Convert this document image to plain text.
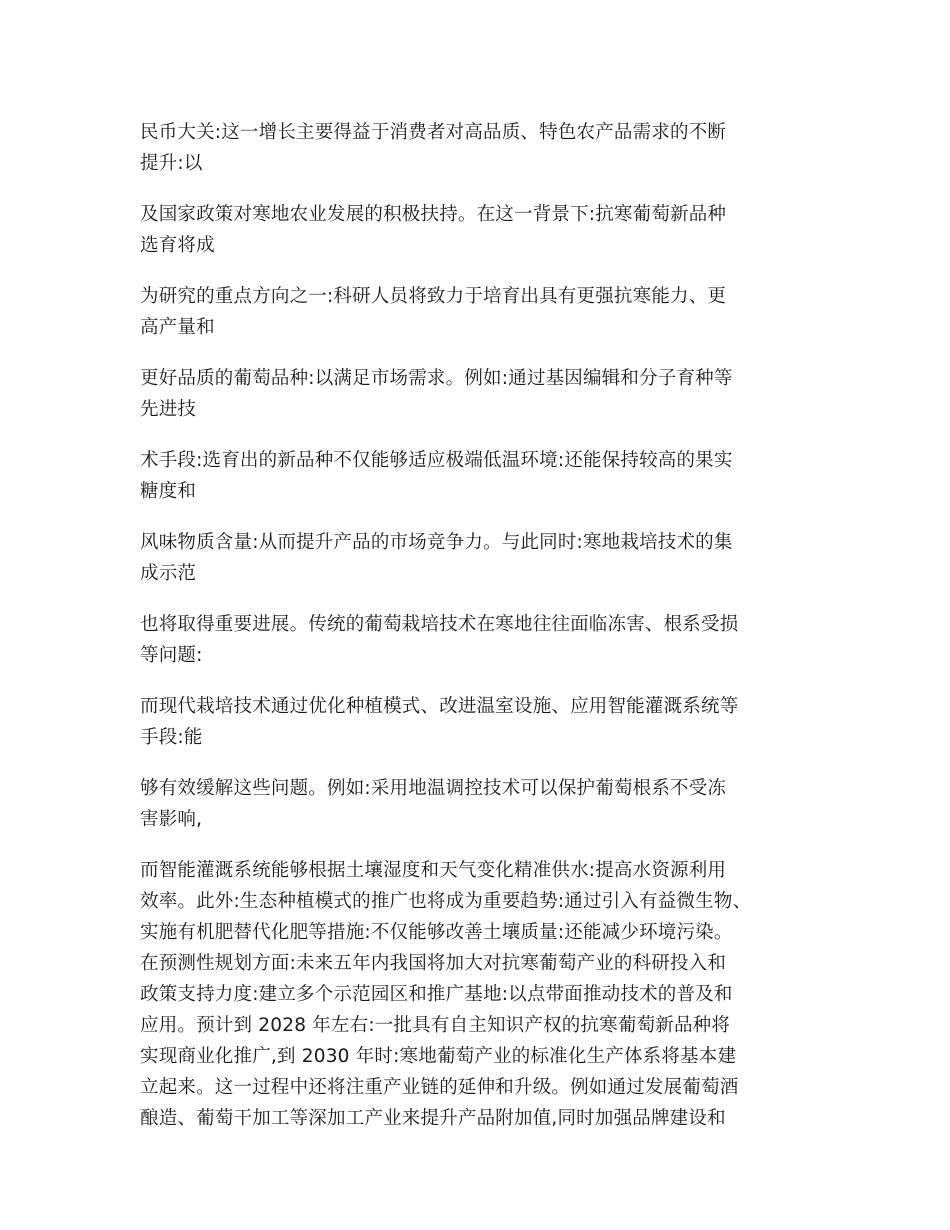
民币大关:这一增长主要得益于消费者对高品质、特色农产品需求的不断
提升:以

及国家政策对寒地农业发展的积极扶持。在这一背景下:抗寒葡萄新品种
选育将成

为研究的重点方向之一:科研人员将致力于培育出具有更强抗寒能力、更
高产量和

更好品质的葡萄品种:以满足市场需求。例如:通过基因编辑和分子育种等
先进技

术手段:选育出的新品种不仅能够适应极端低温环境:还能保持较高的果实
糖度和

风味物质含量:从而提升产品的市场竞争力。与此同时:寒地栽培技术的集
成示范

也将取得重要进展。传统的葡萄栽培技术在寒地往往面临冻害、根系受损
等问题:

而现代栽培技术通过优化种植模式、改进温室设施、应用智能灌溉系统等
手段:能

够有效缓解这些问题。例如:采用地温调控技术可以保护葡萄根系不受冻
害影响,

而智能灌溉系统能够根据土壤湿度和天气变化精准供水:提高水资源利用
效率。此外:生态种植模式的推广也将成为重要趋势:通过引入有益微生物、
实施有机肥替代化肥等措施:不仅能够改善土壤质量:还能减少环境污染。
在预测性规划方面:未来五年内我国将加大对抗寒葡萄产业的科研投入和
政策支持力度:建立多个示范园区和推广基地:以点带面推动技术的普及和
应用。预计到 2028 年左右:一批具有自主知识产权的抗寒葡萄新品种将
实现商业化推广,到 2030 年时:寒地葡萄产业的标准化生产体系将基本建
立起来。这一过程中还将注重产业链的延伸和升级。例如通过发展葡萄酒
酿造、葡萄干加工等深加工产业来提升产品附加值,同时加强品牌建设和
